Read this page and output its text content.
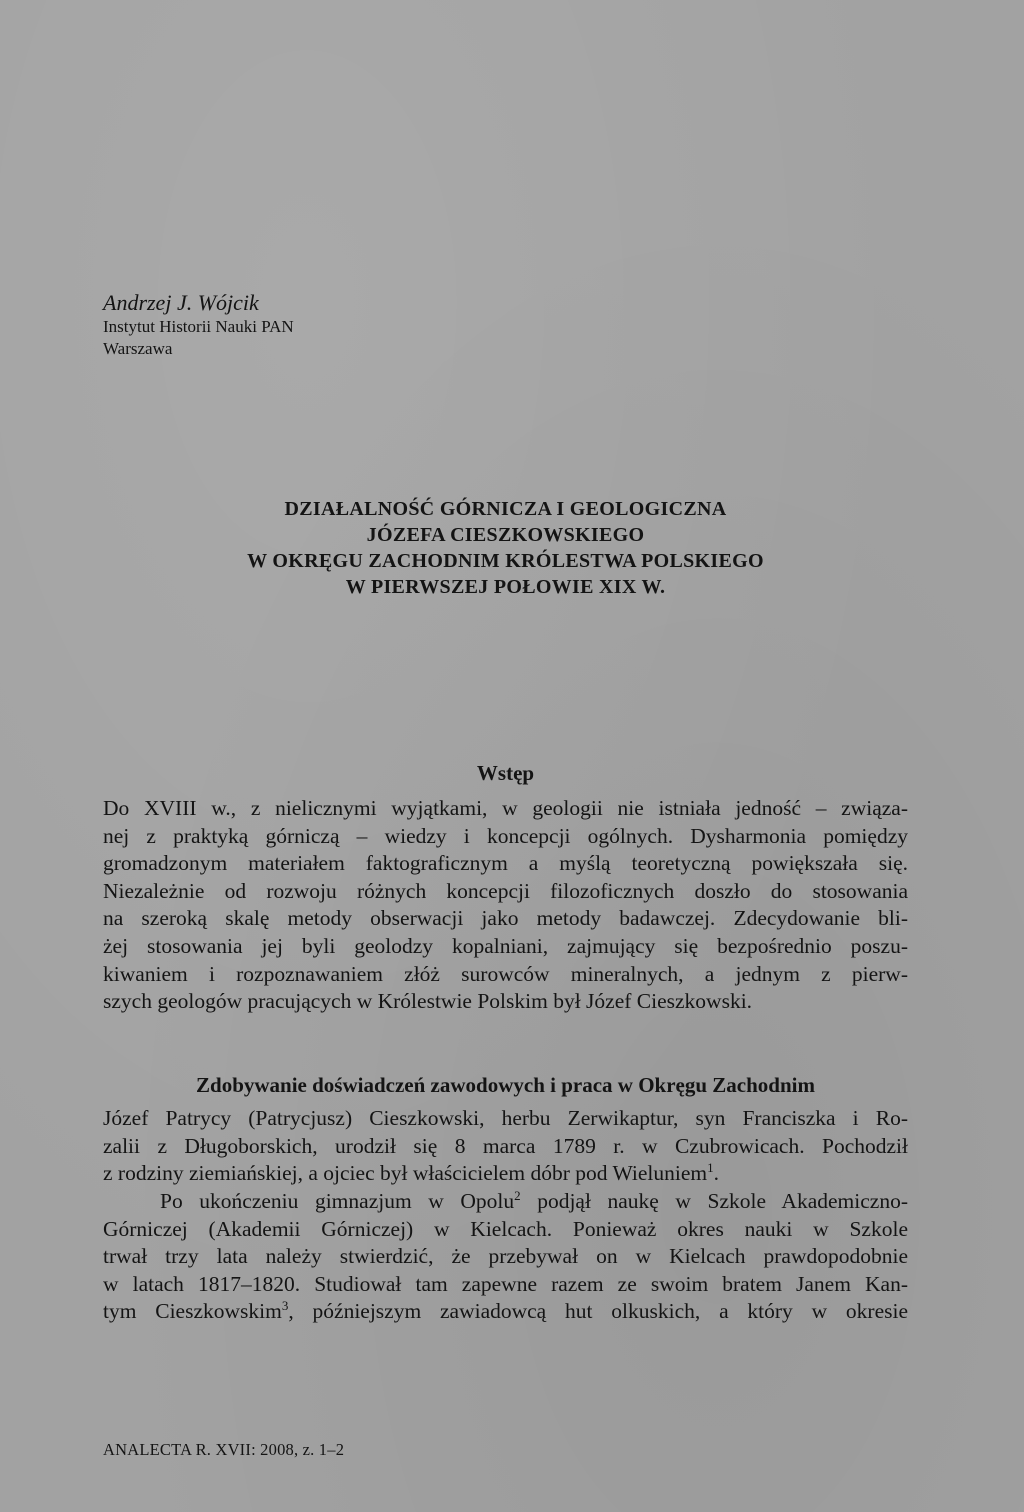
Andrzej J. Wójcik
Instytut Historii Nauki PAN
Warszawa
DZIAŁALNOŚĆ GÓRNICZA I GEOLOGICZNA
JÓZEFA CIESZKOWSKIEGO
W OKRĘGU ZACHODNIM KRÓLESTWA POLSKIEGO
W PIERWSZEJ POŁOWIE XIX W.
Wstęp
Do XVIII w., z nielicznymi wyjątkami, w geologii nie istniała jedność – związa-
nej z praktyką górniczą – wiedzy i koncepcji ogólnych. Dysharmonia pomiędzy
gromadzonym materiałem faktograficznym a myślą teoretyczną powiększała się.
Niezależnie od rozwoju różnych koncepcji filozoficznych doszło do stosowania
na szeroką skalę metody obserwacji jako metody badawczej. Zdecydowanie bli-
żej stosowania jej byli geolodzy kopalniani, zajmujący się bezpośrednio poszu-
kiwaniem i rozpoznawaniem złóż surowców mineralnych, a jednym z pierw-
szych geologów pracujących w Królestwie Polskim był Józef Cieszkowski.
Zdobywanie doświadczeń zawodowych i praca w Okręgu Zachodnim
Józef Patrycy (Patrycjusz) Cieszkowski, herbu Zerwikaptur, syn Franciszka i Ro-
zalii z Długoborskich, urodził się 8 marca 1789 r. w Czubrowicach. Pochodził
z rodziny ziemiańskiej, a ojciec był właścicielem dóbr pod Wieluniem$^1$.
Po ukończeniu gimnazjum w Opolu$^2$ podjął naukę w Szkole Akademiczno-
Górniczej (Akademii Górniczej) w Kielcach. Ponieważ okres nauki w Szkole
trwał trzy lata należy stwierdzić, że przebywał on w Kielcach prawdopodobnie
w latach 1817–1820. Studiował tam zapewne razem ze swoim bratem Janem Kan-
tym Cieszkowskim$^3$, późniejszym zawiadowcą hut olkuskich, a który w okresie
ANALECTA R. XVII: 2008, z. 1–2
